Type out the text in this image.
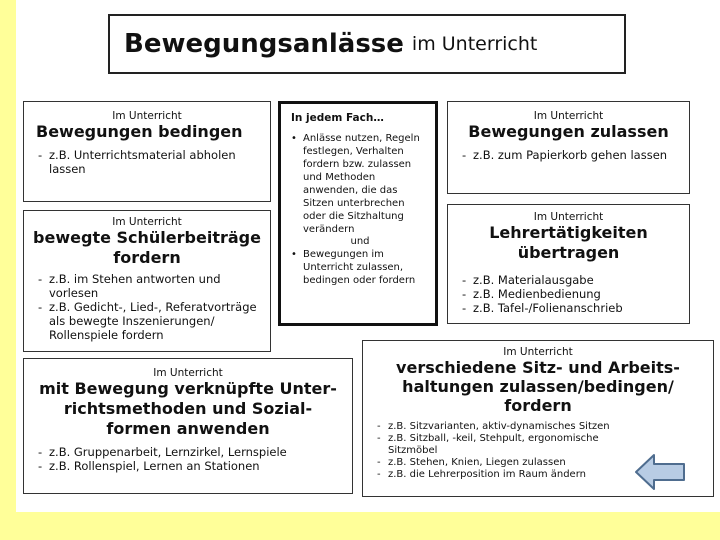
Bewegungsanlässe im Unterricht
Im Unterricht
Bewegungen bedingen
- z.B. Unterrichtsmaterial abholen lassen
In jedem Fach…
• Anlässe nutzen, Regeln festlegen, Verhalten fordern bzw. zulassen und Methoden anwenden, die das Sitzen unterbrechen oder die Sitzhaltung verändern
und
• Bewegungen im Unterricht zulassen, bedingen oder fordern
Im Unterricht
Bewegungen zulassen
- z.B. zum Papierkorb gehen lassen
Im Unterricht
bewegte Schülerbeiträge
fordern
- z.B. im Stehen antworten und vorlesen
- z.B. Gedicht-, Lied-, Referatvorträge als bewegte Inszenierungen/ Rollenspiele fordern
Im Unterricht
Lehrertätigkeiten
übertragen
- z.B. Materialausgabe
- z.B. Medienbedienung
- z.B. Tafel-/Folienanschrieb
Im Unterricht
mit Bewegung verknüpfte Unter-
richtsmethoden und Sozial-
formen anwenden
- z.B. Gruppenarbeit, Lernzirkel, Lernspiele
- z.B. Rollenspiel, Lernen an Stationen
Im Unterricht
verschiedene Sitz- und Arbeits-
haltungen zulassen/bedingen/
fordern
- z.B. Sitzvarianten, aktiv-dynamisches Sitzen
- z.B. Sitzball, -keil, Stehpult, ergonomische Sitzmöbel
- z.B. Stehen, Knien, Liegen zulassen
- z.B. die Lehrerposition im Raum ändern
